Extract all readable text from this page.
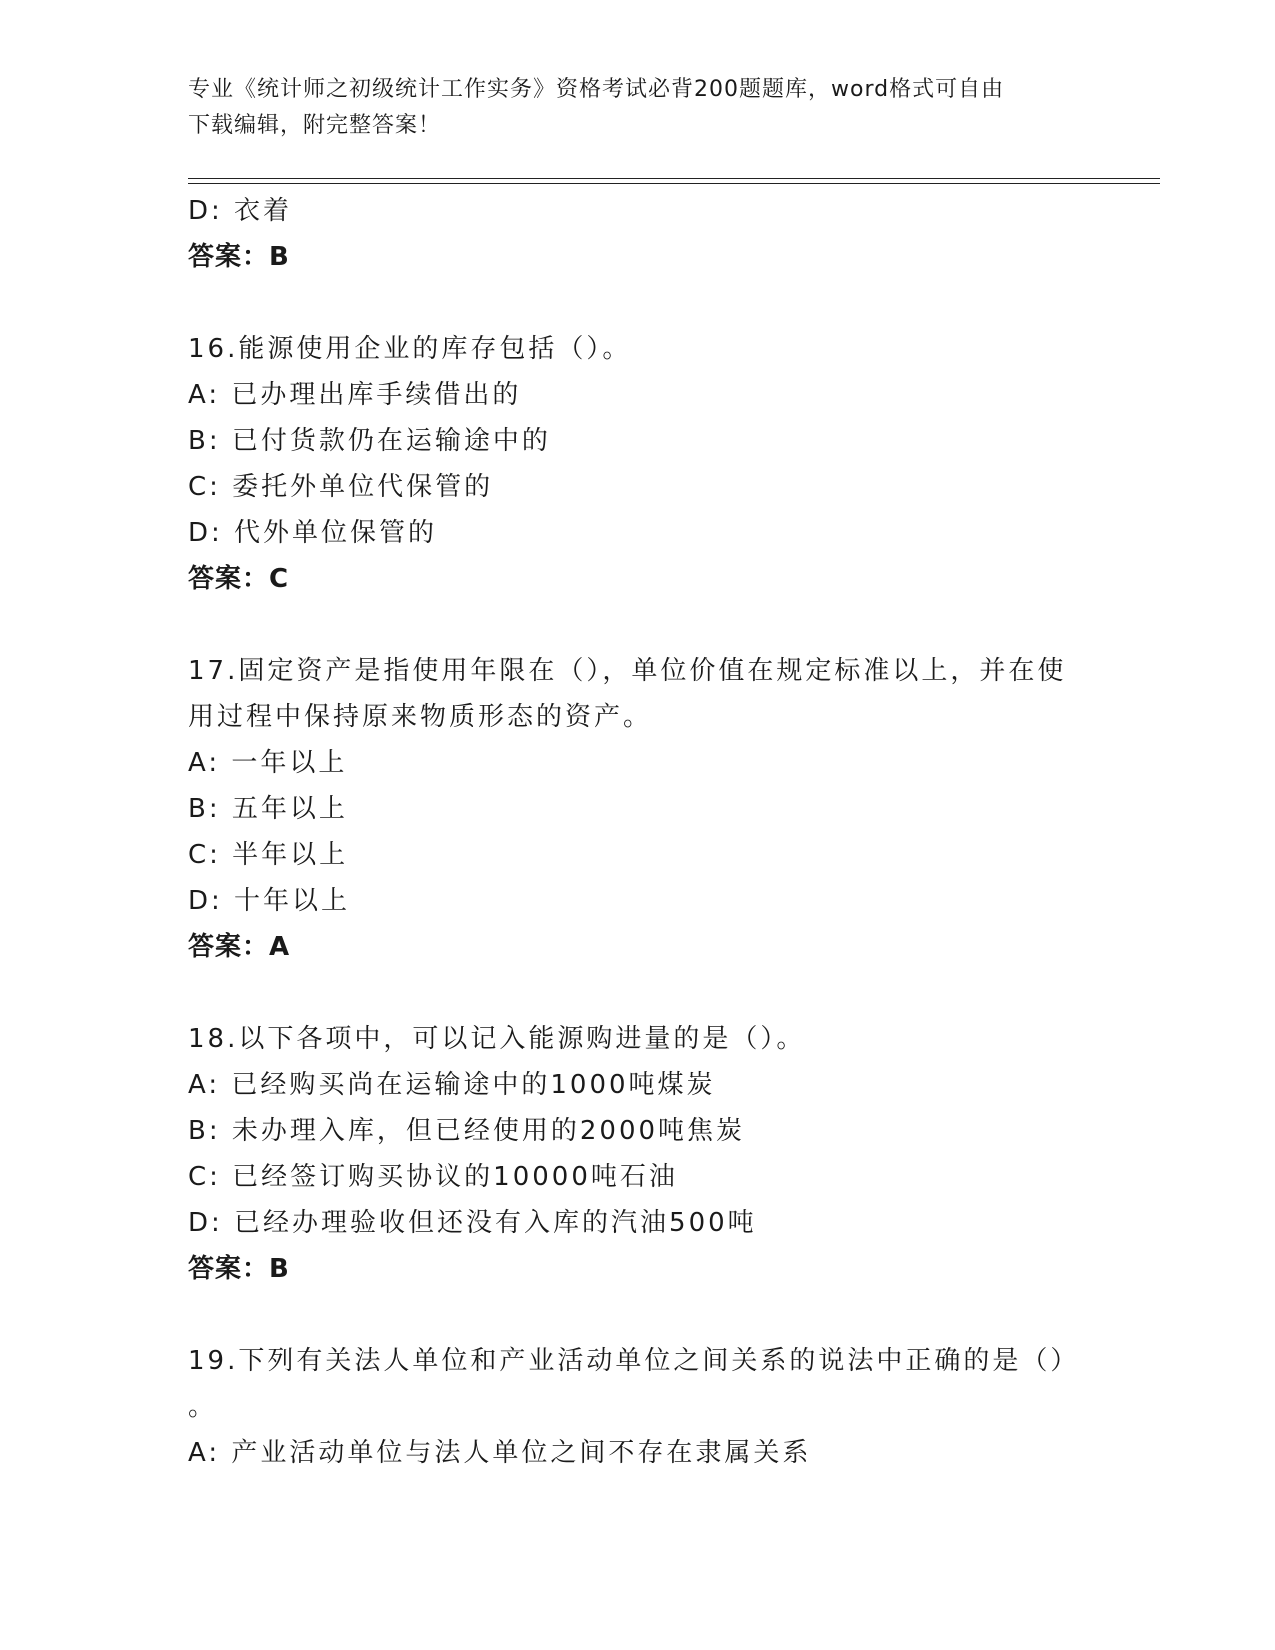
专业《统计师之初级统计工作实务》资格考试必背200题题库，word格式可自由
下载编辑，附完整答案！
D: 衣着
答案：B
16.能源使用企业的库存包括（）。
A: 已办理出库手续借出的
B: 已付货款仍在运输途中的
C: 委托外单位代保管的
D: 代外单位保管的
答案：C
17.固定资产是指使用年限在（），单位价值在规定标准以上，并在使
用过程中保持原来物质形态的资产。
A: 一年以上
B: 五年以上
C: 半年以上
D: 十年以上
答案：A
18.以下各项中，可以记入能源购进量的是（）。
A: 已经购买尚在运输途中的1000吨煤炭
B: 未办理入库，但已经使用的2000吨焦炭
C: 已经签订购买协议的10000吨石油
D: 已经办理验收但还没有入库的汽油500吨
答案：B
19.下列有关法人单位和产业活动单位之间关系的说法中正确的是（）
。
A: 产业活动单位与法人单位之间不存在隶属关系
